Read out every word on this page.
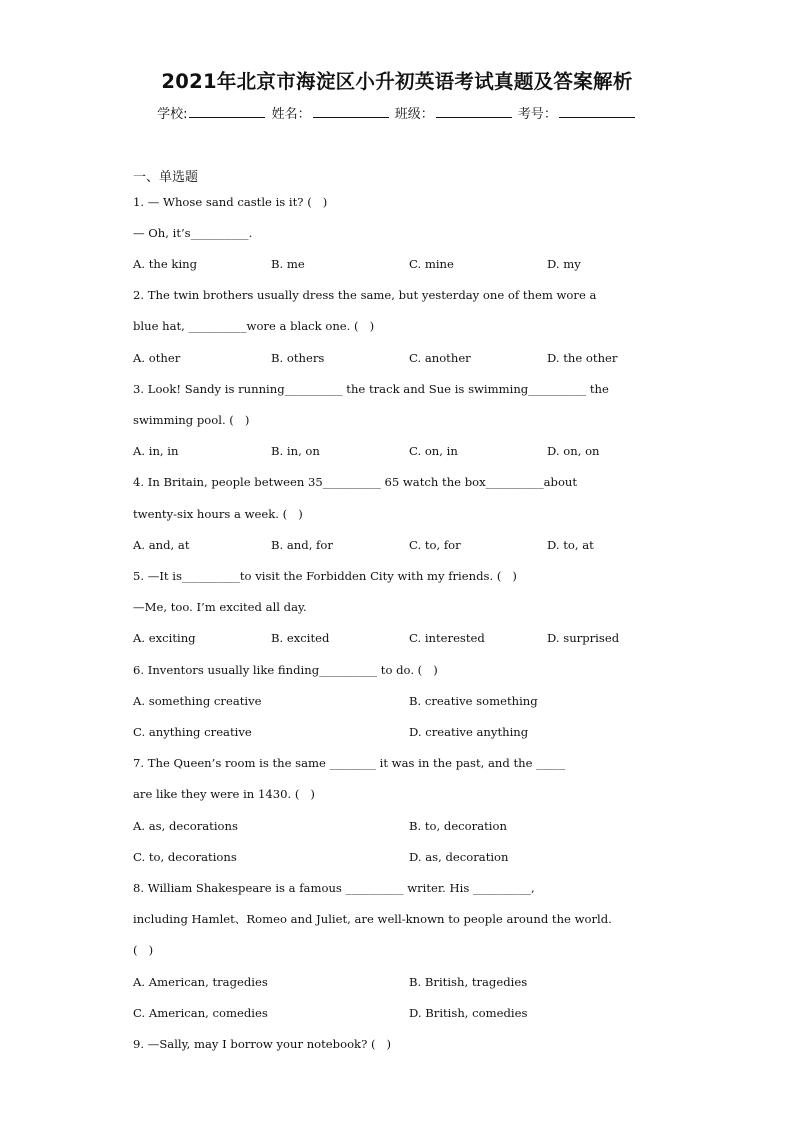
2021年北京市海淀区小升初英语考试真题及答案解析
学校:	姓名：	班级：	考号：
一、单选题
1. — Whose sand castle is it? (   )
— Oh, it’s__________.
A. the king	B. me	C. mine	D. my
2. The twin brothers usually dress the same, but yesterday one of them wore a
blue hat, __________wore a black one. (   )
A. other	B. others	C. another	D. the other
3. Look! Sandy is running__________ the track and Sue is swimming__________ the
swimming pool. (   )
A. in, in	B. in, on	C. on, in	D. on, on
4. In Britain, people between 35__________ 65 watch the box__________about
twenty-six hours a week. (   )
A. and, at	B. and, for	C. to, for	D. to, at
5. —It is__________to visit the Forbidden City with my friends. (   )
—Me, too. I’m excited all day.
A. exciting	B. excited	C. interested	D. surprised
6. Inventors usually like finding__________ to do. (   )
A. something creative	B. creative something
C. anything creative	D. creative anything
7. The Queen’s room is the same ________ it was in the past, and the _____
are like they were in 1430. (   )
A. as, decorations	B. to, decoration
C. to, decorations	D. as, decoration
8. William Shakespeare is a famous __________ writer. His __________,
including Hamlet、Romeo and Juliet, are well-known to people around the world.
(   )
A. American, tragedies	B. British, tragedies
C. American, comedies	D. British, comedies
9. —Sally, may I borrow your notebook? (   )
